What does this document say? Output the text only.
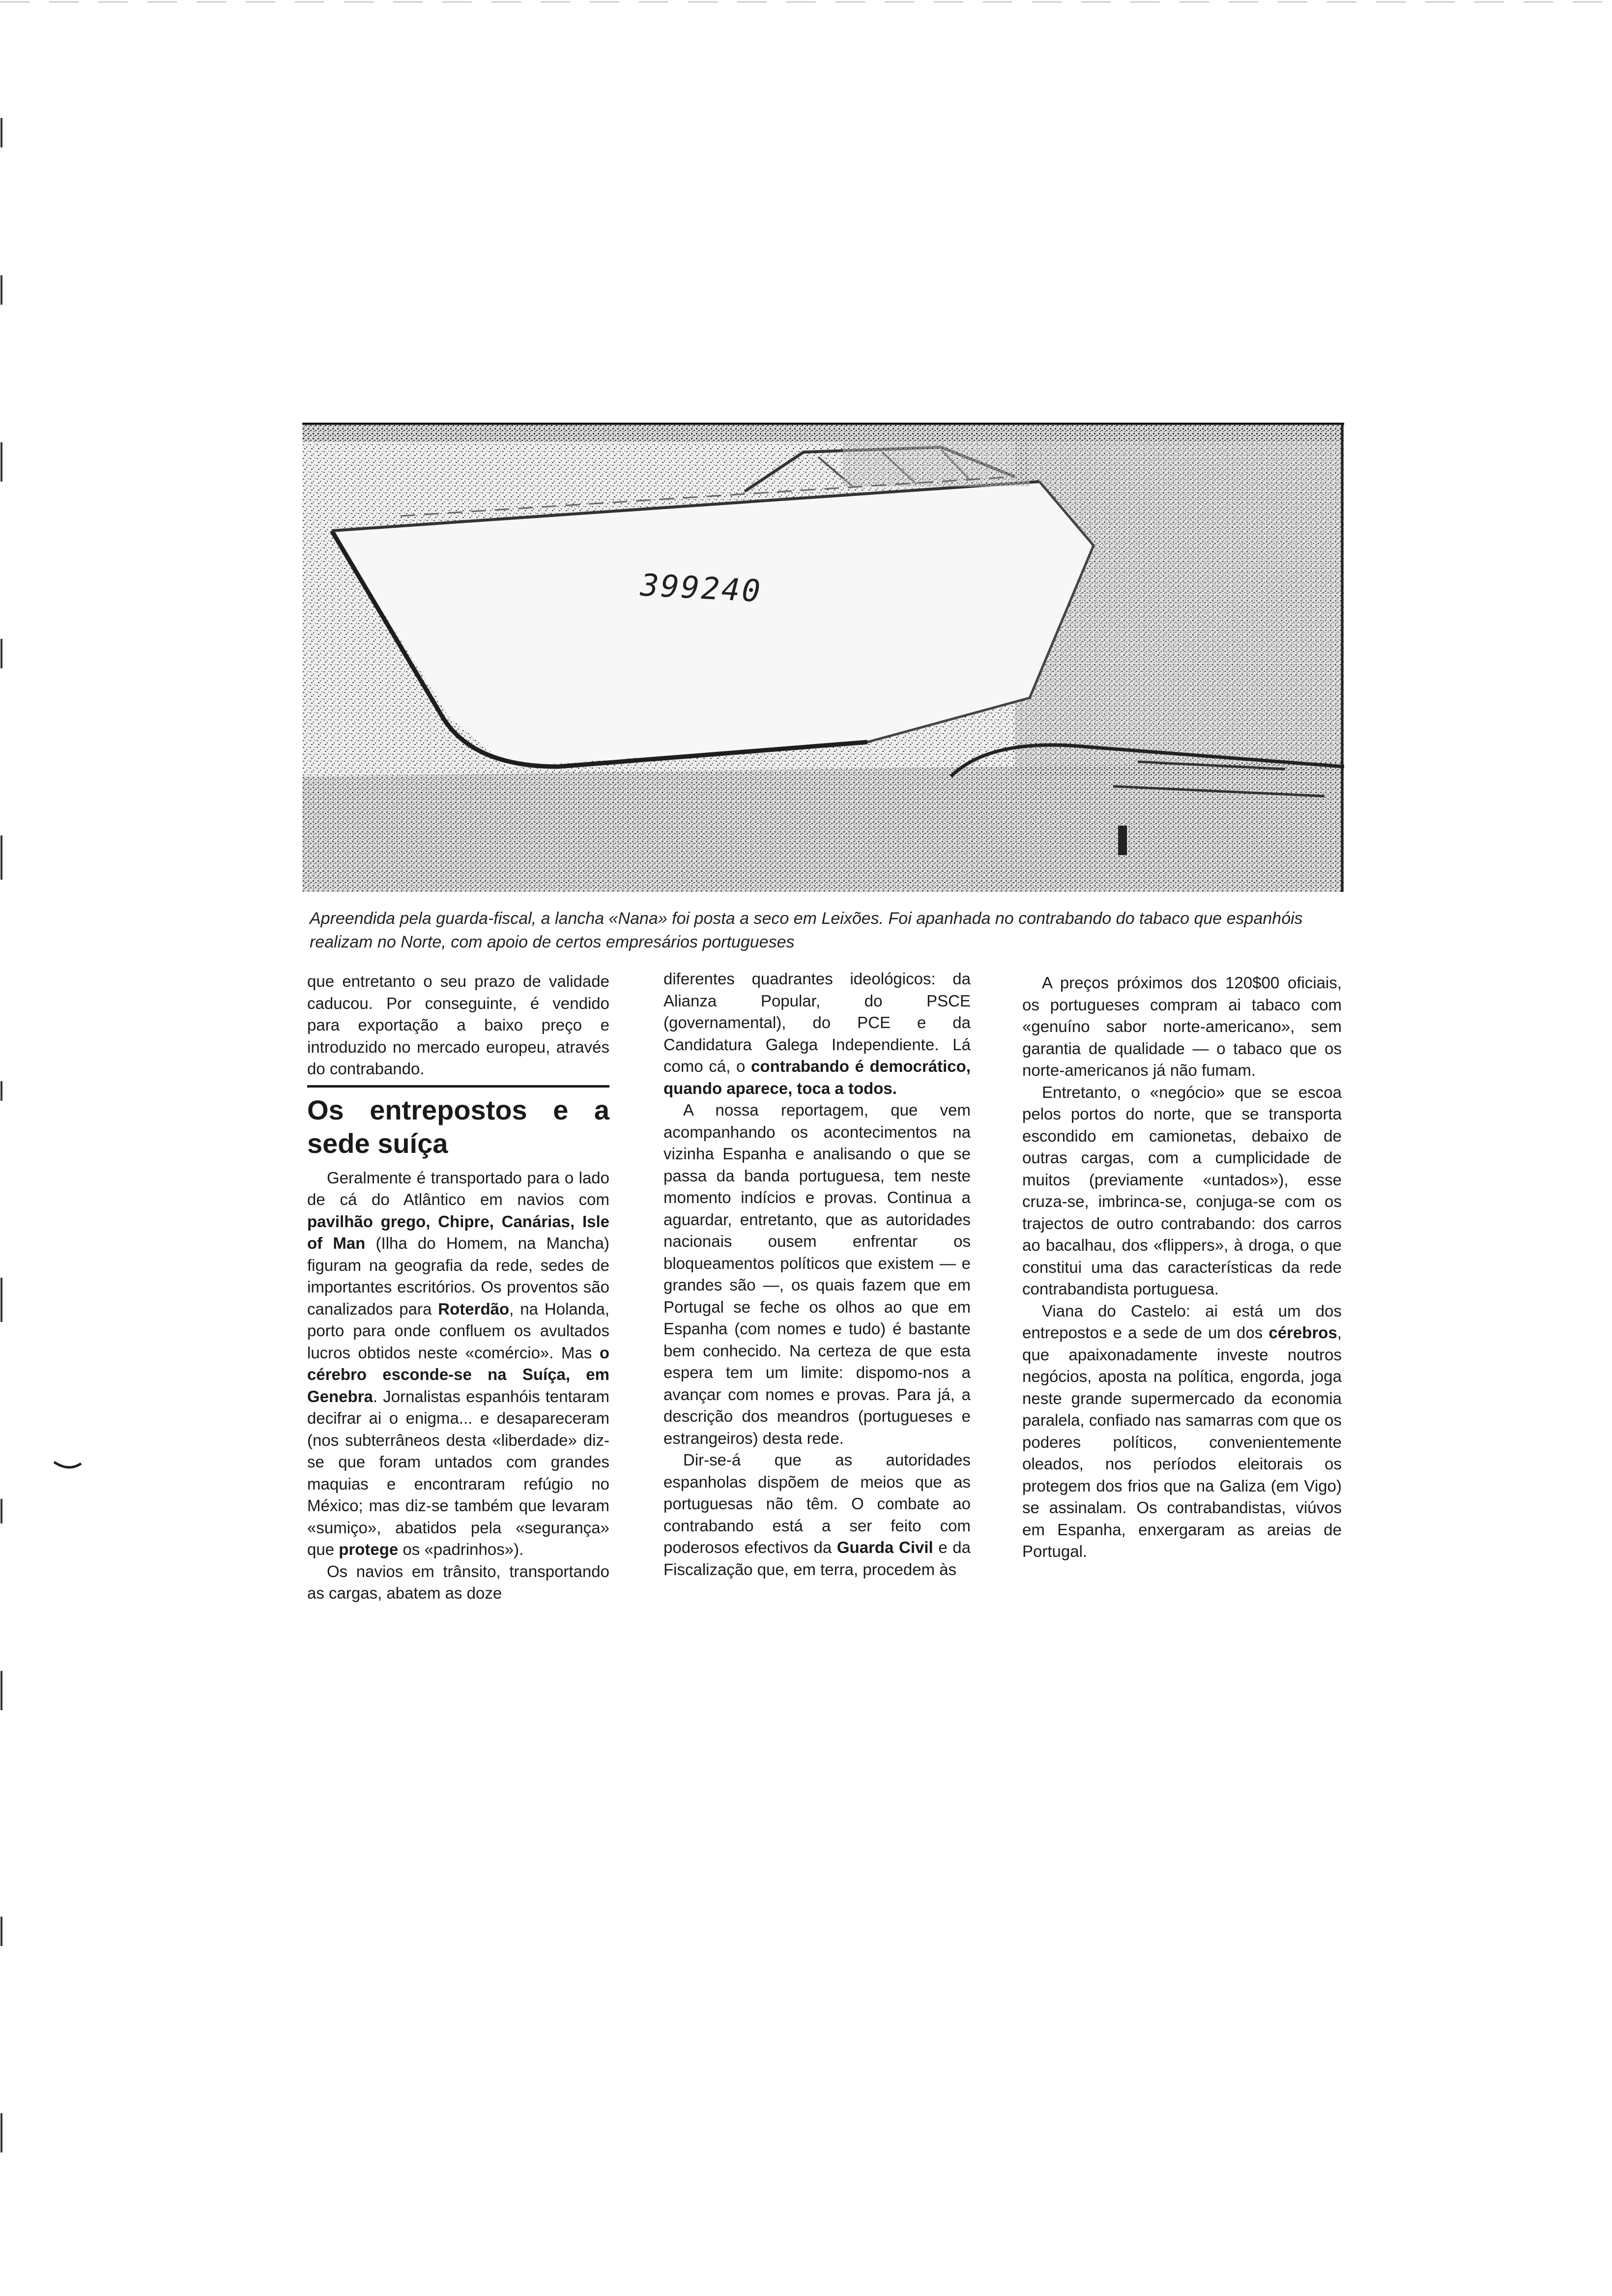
399240
Apreendida pela guarda-fiscal, a lancha «Nana» foi posta a seco em Leixões. Foi apanhada no contrabando do tabaco que espanhóis realizam no Norte, com apoio de certos empresários portugueses

que entretanto o seu prazo de validade caducou. Por conseguinte, é vendido para exportação a baixo preço e introduzido no mercado europeu, através do contrabando.

Os entrepostos e a sede suíça

Geralmente é transportado para o lado de cá do Atlântico em navios com pavilhão grego, Chipre, Canárias, Isle of Man (Ilha do Homem, na Mancha) figuram na geografia da rede, sedes de importantes escritórios. Os proventos são canalizados para Roterdão, na Holanda, porto para onde confluem os avultados lucros obtidos neste «comércio». Mas o cérebro esconde-se na Suíça, em Genebra. Jornalistas espanhóis tentaram decifrar ai o enigma... e desapareceram (nos subterrâneos desta «liberdade» diz-se que foram untados com grandes maquias e encontraram refúgio no México; mas diz-se também que levaram «sumiço», abatidos pela «segurança» que protege os «padrinhos»).

Os navios em trânsito, transportando as cargas, abatem as doze

diferentes quadrantes ideológicos: da Alianza Popular, do PSCE (governamental), do PCE e da Candidatura Galega Independiente. Lá como cá, o contrabando é democrático, quando aparece, toca a todos.

A nossa reportagem, que vem acompanhando os acontecimentos na vizinha Espanha e analisando o que se passa da banda portuguesa, tem neste momento indícios e provas. Continua a aguardar, entretanto, que as autoridades nacionais ousem enfrentar os bloqueamentos políticos que existem — e grandes são —, os quais fazem que em Portugal se feche os olhos ao que em Espanha (com nomes e tudo) é bastante bem conhecido. Na certeza de que esta espera tem um limite: dispomo-nos a avançar com nomes e provas. Para já, a descrição dos meandros (portugueses e estrangeiros) desta rede.

Dir-se-á que as autoridades espanholas dispõem de meios que as portuguesas não têm. O combate ao contrabando está a ser feito com poderosos efectivos da Guarda Civil e da Fiscalização que, em terra, procedem às

A preços próximos dos 120$00 oficiais, os portugueses compram ai tabaco com «genuíno sabor norte-americano», sem garantia de qualidade — o tabaco que os norte-americanos já não fumam.

Entretanto, o «negócio» que se escoa pelos portos do norte, que se transporta escondido em camionetas, debaixo de outras cargas, com a cumplicidade de muitos (previamente «untados»), esse cruza-se, imbrinca-se, conjuga-se com os trajectos de outro contrabando: dos carros ao bacalhau, dos «flippers», à droga, o que constitui uma das características da rede contrabandista portuguesa.

Viana do Castelo: ai está um dos entrepostos e a sede de um dos cérebros, que apaixonadamente investe noutros negócios, aposta na política, engorda, joga neste grande supermercado da economia paralela, confiado nas samarras com que os poderes políticos, convenientemente oleados, nos períodos eleitorais os protegem dos frios que na Galiza (em Vigo) se assinalam. Os contrabandistas, viúvos em Espanha, enxergaram as areias de Portugal.
